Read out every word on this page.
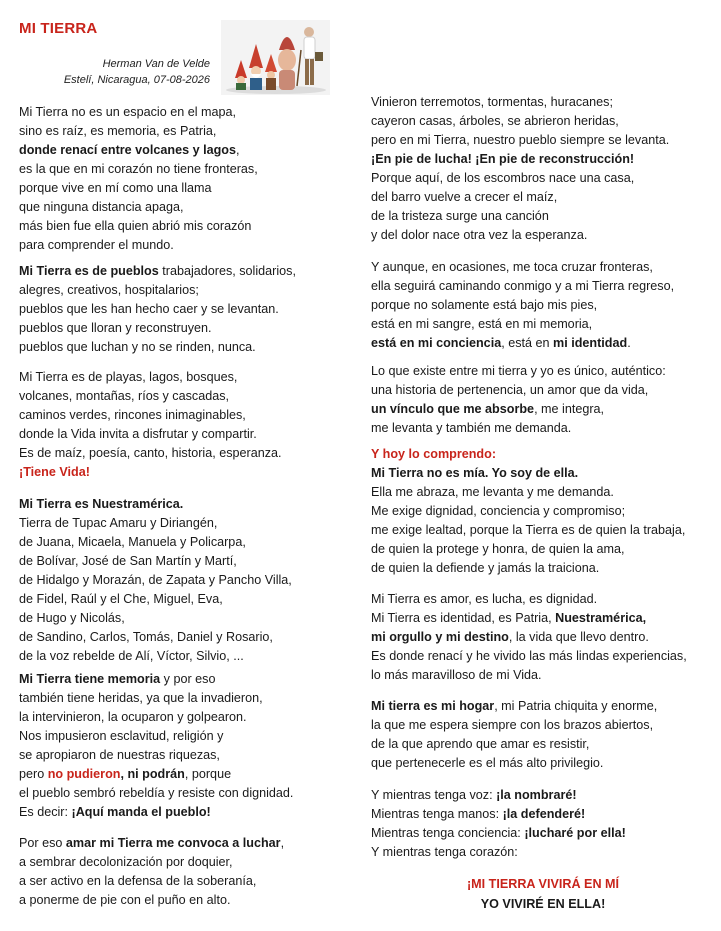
MI TIERRA
Herman Van de Velde
Estelí, Nicaragua, 07-08-2026
Mi Tierra no es un espacio en el mapa,
sino es raíz, es memoria, es Patria,
donde renací entre volcanes y lagos,
es la que en mi corazón no tiene fronteras,
porque vive en mí como una llama
que ninguna distancia apaga,
más bien fue ella quien abrió mis corazón
para comprender el mundo.
Mi Tierra es de pueblos trabajadores, solidarios,
alegres, creativos, hospitalarios;
pueblos que les han hecho caer y se levantan.
pueblos que lloran y reconstruyen.
pueblos que luchan y no se rinden, nunca.
Mi Tierra es de playas, lagos, bosques,
volcanes, montañas, ríos y cascadas,
caminos verdes, rincones inimaginables,
donde la Vida invita a disfrutar y compartir.
Es de maíz, poesía, canto, historia, esperanza.
¡Tiene Vida!
Mi Tierra es Nuestramérica.
Tierra de Tupac Amaru y Diriangén,
de Juana, Micaela, Manuela y Policarpa,
de Bolívar, José de San Martín y Martí,
de Hidalgo y Morazán, de Zapata y Pancho Villa,
de Fidel, Raúl y el Che, Miguel, Eva,
de Hugo y Nicolás,
de Sandino, Carlos, Tomás, Daniel y Rosario,
de la voz rebelde de Alí, Víctor, Silvio, ...
Mi Tierra tiene memoria y por eso
también tiene heridas, ya que la invadieron,
la intervinieron, la ocuparon y golpearon.
Nos impusieron esclavitud, religión y
se apropiaron de nuestras riquezas,
pero no pudieron, ni podrán, porque
el pueblo sembró rebeldía y resiste con dignidad.
Es decir: ¡Aquí manda el pueblo!
Por eso amar mi Tierra me convoca a luchar,
a sembrar decolonización por doquier,
a ser activo en la defensa de la soberanía,
a ponerme de pie con el puño en alto.
Vinieron terremotos, tormentas, huracanes;
cayeron casas, árboles, se abrieron heridas,
pero en mi Tierra, nuestro pueblo siempre se levanta.
¡En pie de lucha! ¡En pie de reconstrucción!
Porque aquí, de los escombros nace una casa,
del barro vuelve a crecer el maíz,
de la tristeza surge una canción
y del dolor nace otra vez la esperanza.
Y aunque, en ocasiones, me toca cruzar fronteras,
ella seguirá caminando conmigo y a mi Tierra regreso,
porque no solamente está bajo mis pies,
está en mi sangre, está en mi memoria,
está en mi conciencia, está en mi identidad.
Lo que existe entre mi tierra y yo es único, auténtico:
una historia de pertenencia, un amor que da vida,
un vínculo que me absorbe, me integra,
me levanta y también me demanda.
Y hoy lo comprendo:
Mi Tierra no es mía. Yo soy de ella.
Ella me abraza, me levanta y me demanda.
Me exige dignidad, conciencia y compromiso;
me exige lealtad, porque la Tierra es de quien la trabaja,
de quien la protege y honra, de quien la ama,
de quien la defiende y jamás la traiciona.
Mi Tierra es amor, es lucha, es dignidad.
Mi Tierra es identidad, es Patria, Nuestramérica,
mi orgullo y mi destino, la vida que llevo dentro.
Es donde renací y he vivido las más lindas experiencias,
lo más maravilloso de mi Vida.
Mi tierra es mi hogar, mi Patria chiquita y enorme,
la que me espera siempre con los brazos abiertos,
de la que aprendo que amar es resistir,
que pertenecerle es el más alto privilegio.
Y mientras tenga voz: ¡la nombraré!
Mientras tenga manos: ¡la defenderé!
Mientras tenga conciencia: ¡lucharé por ella!
Y mientras tenga corazón:
¡MI TIERRA VIVIRÁ EN MÍ
YO VIVIRÉ EN ELLA!
